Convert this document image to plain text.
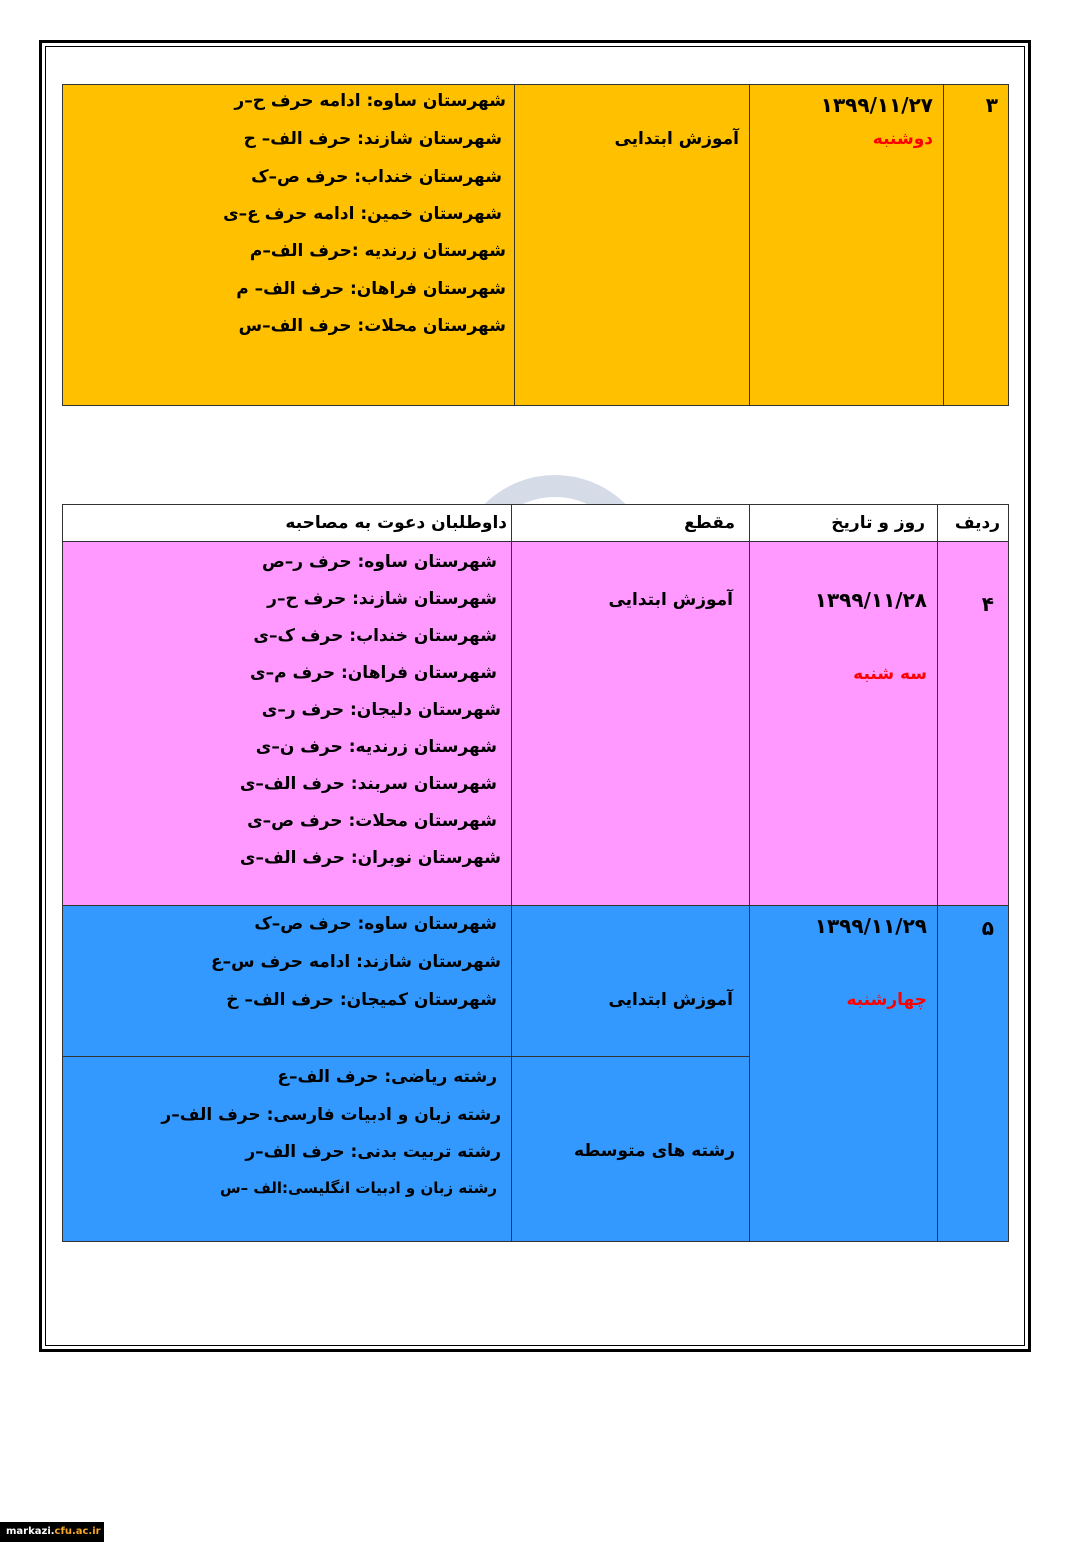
۳
۱۳۹۹/۱۱/۲۷
دوشنبه
آموزش ابتدایی
شهرستان ساوه: ادامه حرف ح–ر
شهرستان شازند: حرف الف– ح
شهرستان خنداب: حرف ص–ک
شهرستان خمین: ادامه حرف ع–ی
شهرستان زرندیه :حرف الف–م
شهرستان فراهان: حرف الف– م
شهرستان محلات: حرف الف–س
ردیف
روز و تاریخ
مقطع
داوطلبان دعوت به مصاحبه
۴
۱۳۹۹/۱۱/۲۸
سه شنبه
آموزش ابتدایی
شهرستان ساوه: حرف ر–ص
شهرستان شازند: حرف ح–ر
شهرستان خنداب: حرف ک–ی
شهرستان فراهان: حرف م–ی
شهرستان دلیجان: حرف ر–ی
شهرستان زرندیه: حرف ن–ی
شهرستان سربند: حرف الف–ی
شهرستان محلات: حرف ص–ی
شهرستان نوبران: حرف الف–ی
۵
۱۳۹۹/۱۱/۲۹
چهارشنبه
آموزش ابتدایی
شهرستان ساوه: حرف ص–ک
شهرستان شازند: ادامه حرف س–ع
شهرستان کمیجان: حرف الف– خ
رشته های متوسطه
رشته ریاضی: حرف الف–ع
رشته زبان و ادبیات فارسی: حرف الف–ر
رشته تربیت بدنی: حرف الف–ر
رشته زبان و ادبیات انگلیسی:الف –س
markazi.cfu.ac.ir
